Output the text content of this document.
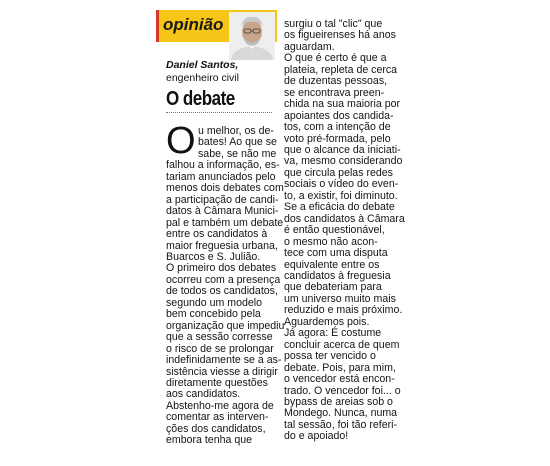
opinião
Daniel Santos,
engenheiro civil
O debate
O u melhor, os de-

bates! Ao que se

sabe, se não me

falhou a informação, es-

tariam anunciados pelo

menos dois debates com

a participação de candi-

datos à Câmara Munici-

pal e também um debate

entre os candidatos à

maior freguesia urbana,

Buarcos e S. Julião.

O primeiro dos debates

ocorreu com a presença

de todos os candidatos,

segundo um modelo

bem concebido pela

organização que impediu

que a sessão corresse

o risco de se prolongar

indefinidamente se a as-

sistência viesse a dirigir

diretamente questões

aos candidatos.

Abstenho-me agora de

comentar as interven-

ções dos candidatos,

embora tenha que

surgiu o tal "clic" que

os figueirenses há anos

aguardam.

O que é certo é que a

plateia, repleta de cerca

de duzentas pessoas,

se encontrava preen-

chida na sua maioria por

apoiantes dos candida-

tos, com a intenção de

voto pré-formada, pelo

que o alcance da iniciati-

va, mesmo considerando

que circula pelas redes

sociais o vídeo do even-

to, a existir, foi diminuto.

Se a eficácia do debate

dos candidatos à Câmara

é então questionável,

o mesmo não acon-

tece com uma disputa

equivalente entre os

candidatos à freguesia

que debateriam para

um universo muito mais

reduzido e mais próximo.

Aguardemos pois.

Já agora: É costume

concluir acerca de quem

possa ter vencido o

debate. Pois, para mim,

o vencedor está encon-

trado. O vencedor foi... o

bypass de areias sob o

Mondego. Nunca, numa

tal sessão, foi tão referi-

do e apoiado!
